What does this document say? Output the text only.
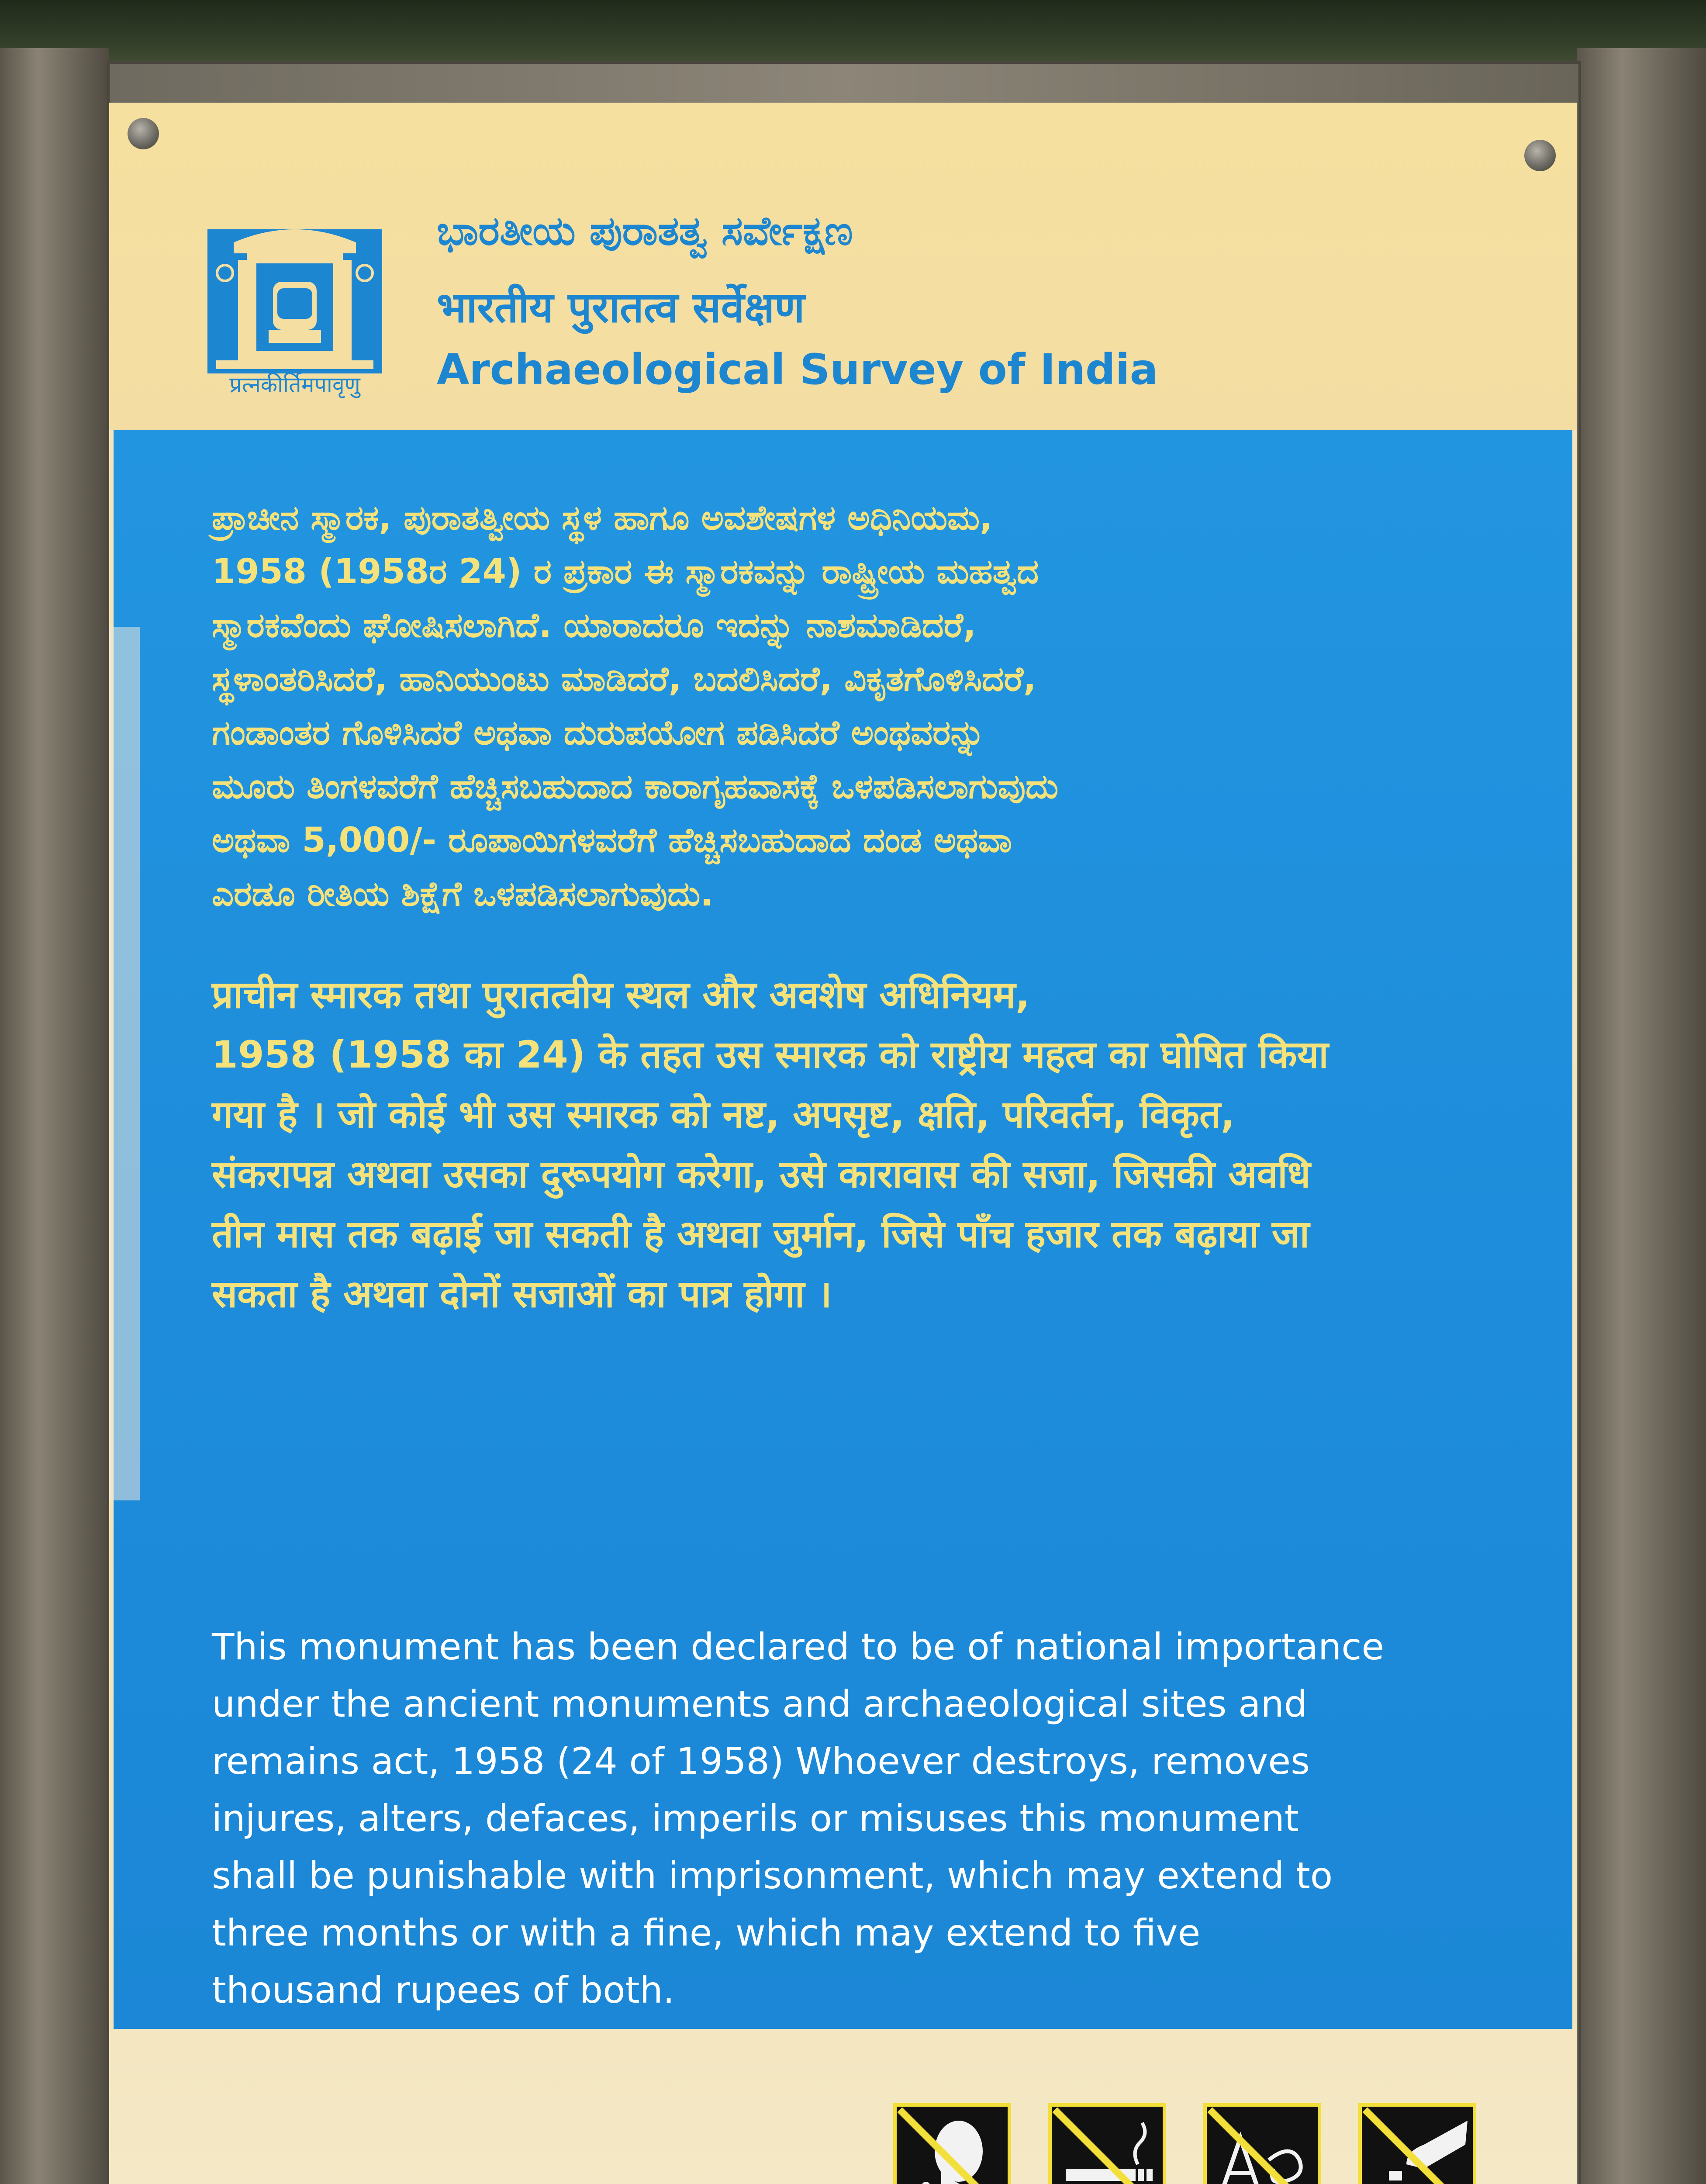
प्रत्नकीर्तिमपावृणु
ಭಾರತೀಯ ಪುರಾತತ್ವ ಸರ್ವೇಕ್ಷಣ
भारतीय पुरातत्व सर्वेक्षण
Archaeological Survey of India

ಪ್ರಾಚೀನ ಸ್ಮಾರಕ, ಪುರಾತತ್ವೀಯ ಸ್ಥಳ ಹಾಗೂ ಅವಶೇಷಗಳ ಅಧಿನಿಯಮ,

1958 (1958ರ 24) ರ ಪ್ರಕಾರ ಈ ಸ್ಮಾರಕವನ್ನು ರಾಷ್ಟ್ರೀಯ ಮಹತ್ವದ

ಸ್ಮಾರಕವೆಂದು ಘೋಷಿಸಲಾಗಿದೆ. ಯಾರಾದರೂ ಇದನ್ನು ನಾಶಮಾಡಿದರೆ,

ಸ್ಥಳಾಂತರಿಸಿದರೆ, ಹಾನಿಯುಂಟು ಮಾಡಿದರೆ, ಬದಲಿಸಿದರೆ, ವಿಕೃತಗೊಳಿಸಿದರೆ,

ಗಂಡಾಂತರ ಗೊಳಿಸಿದರೆ ಅಥವಾ ದುರುಪಯೋಗ ಪಡಿಸಿದರೆ ಅಂಥವರನ್ನು

ಮೂರು ತಿಂಗಳವರೆಗೆ ಹೆಚ್ಚಿಸಬಹುದಾದ ಕಾರಾಗೃಹವಾಸಕ್ಕೆ ಒಳಪಡಿಸಲಾಗುವುದು

ಅಥವಾ 5,000/- ರೂಪಾಯಿಗಳವರೆಗೆ ಹೆಚ್ಚಿಸಬಹುದಾದ ದಂಡ ಅಥವಾ

ಎರಡೂ ರೀತಿಯ ಶಿಕ್ಷೆಗೆ ಒಳಪಡಿಸಲಾಗುವುದು.

प्राचीन स्मारक तथा पुरातत्वीय स्थल और अवशेष अधिनियम,

1958 (1958 का 24) के तहत उस स्मारक को राष्ट्रीय महत्व का घोषित किया

गया है । जो कोई भी उस स्मारक को नष्ट, अपसृष्ट, क्षति, परिवर्तन, विकृत,

संकरापन्न अथवा उसका दुरूपयोग करेगा, उसे कारावास की सजा, जिसकी अवधि

तीन मास तक बढ़ाई जा सकती है अथवा जुर्मान, जिसे पाँच हजार तक बढ़ाया जा

सकता है अथवा दोनों सजाओं का पात्र होगा ।

This monument has been declared to be of national importance

under the ancient monuments and archaeological sites and

remains act, 1958 (24 of 1958) Whoever destroys, removes

injures, alters, defaces, imperils or misuses this monument

shall be punishable with imprisonment, which may extend to

three months or with a fine, which may extend to five

thousand rupees of both.
